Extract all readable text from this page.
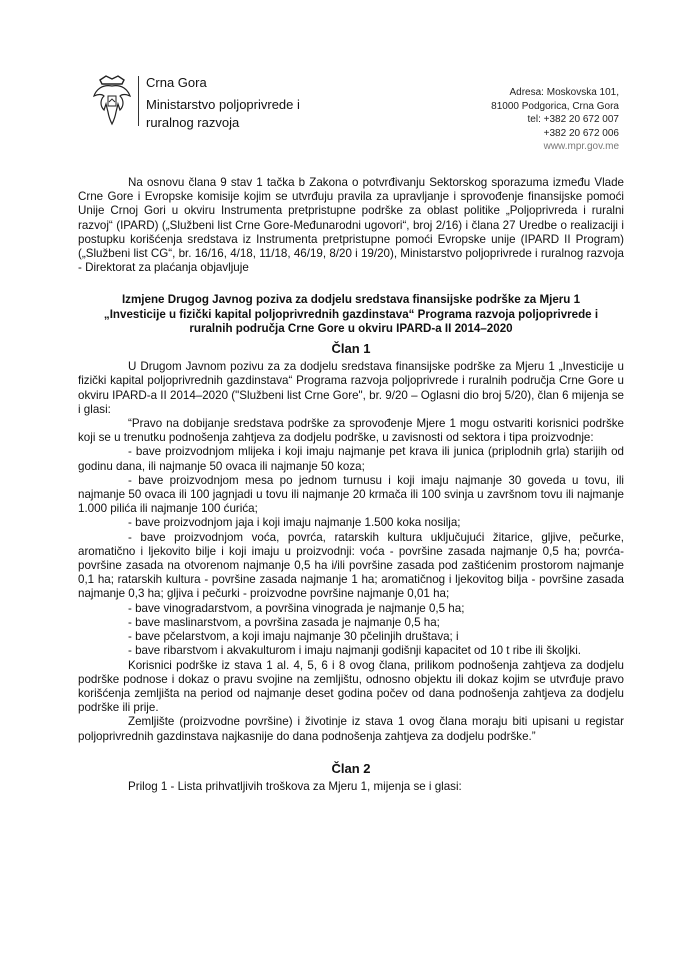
Crna Gora
Ministarstvo poljoprivrede i
ruralnog razvoja
Adresa: Moskovska 101,
81000 Podgorica, Crna Gora
tel: +382 20 672 007
+382 20 672 006
www.mpr.gov.me

Na osnovu člana 9 stav 1 tačka b Zakona o potvrđivanju Sektorskog sporazuma između Vlade Crne Gore i Evropske komisije kojim se utvrđuju pravila za upravljanje i sprovođenje finansijske pomoći Unije Crnoj Gori u okviru Instrumenta pretpristupne podrške za oblast politike „Poljoprivreda i ruralni razvoj“ (IPARD) („Službeni list Crne Gore-Međunarodni ugovori“, broj 2/16) i člana 27 Uredbe o realizaciji i postupku korišćenja sredstava iz Instrumenta pretpristupne pomoći Evropske unije (IPARD II Program) („Službeni list CG“, br. 16/16, 4/18, 11/18, 46/19, 8/20 i 19/20), Ministarstvo poljoprivrede i ruralnog razvoja - Direktorat za plaćanja objavljuje

Izmjene Drugog Javnog poziva za dodjelu sredstava finansijske podrške za Mjeru 1 „Investicije u fizički kapital poljoprivrednih gazdinstava“ Programa razvoja poljoprivrede i ruralnih područja Crne Gore u okviru IPARD-a II 2014–2020

Član 1

U Drugom Javnom pozivu za za dodjelu sredstava finansijske podrške za Mjeru 1 „Investicije u fizički kapital poljoprivrednih gazdinstava“ Programa razvoja poljoprivrede i ruralnih područja Crne Gore u okviru IPARD-a II 2014–2020 ("Službeni list Crne Gore", br. 9/20 – Oglasni dio broj 5/20), član 6 mijenja se i glasi:

“Pravo na dobijanje sredstava podrške za sprovođenje Mjere 1 mogu ostvariti korisnici podrške koji se u trenutku podnošenja zahtjeva za dodjelu podrške, u zavisnosti od sektora i tipa proizvodnje:

- bave proizvodnjom mlijeka i koji imaju najmanje pet krava ili junica (priplodnih grla) starijih od godinu dana, ili najmanje 50 ovaca ili najmanje 50 koza;

- bave proizvodnjom mesa po jednom turnusu i koji imaju najmanje 30 goveda u tovu, ili najmanje 50 ovaca ili 100 jagnjadi u tovu ili najmanje 20 krmača ili 100 svinja u završnom tovu ili najmanje 1.000 pilića ili najmanje 100 ćurića;

- bave proizvodnjom jaja i koji imaju najmanje 1.500 koka nosilja;

- bave proizvodnjom voća, povrća, ratarskih kultura uključujući žitarice, gljive, pečurke, aromatično i ljekovito bilje i koji imaju u proizvodnji: voća - površine zasada najmanje 0,5 ha; povrća-površine zasada na otvorenom najmanje 0,5 ha i/ili površine zasada pod zaštićenim prostorom najmanje 0,1 ha; ratarskih kultura - površine zasada najmanje 1 ha; aromatičnog i ljekovitog bilja - površine zasada najmanje 0,3 ha; gljiva i pečurki - proizvodne površine najmanje 0,01 ha;

- bave vinogradarstvom, a površina vinograda je najmanje 0,5 ha;

- bave maslinarstvom, a površina zasada je najmanje 0,5 ha;

- bave pčelarstvom, a koji imaju najmanje 30 pčelinjih društava; i

- bave ribarstvom i akvakulturom i imaju najmanji godišnji kapacitet od 10 t ribe ili školjki.

Korisnici podrške iz stava 1 al. 4, 5, 6 i 8 ovog člana, prilikom podnošenja zahtjeva za dodjelu podrške podnose i dokaz o pravu svojine na zemljištu, odnosno objektu ili dokaz kojim se utvrđuje pravo korišćenja zemljišta na period od najmanje deset godina počev od dana podnošenja zahtjeva za dodjelu podrške ili prije.

Zemljište (proizvodne površine) i životinje iz stava 1 ovog člana moraju biti upisani u registar poljoprivrednih gazdinstava najkasnije do dana podnošenja zahtjeva za dodjelu podrške.”

Član 2

Prilog 1 - Lista prihvatljivih troškova za Mjeru 1, mijenja se i glasi:
